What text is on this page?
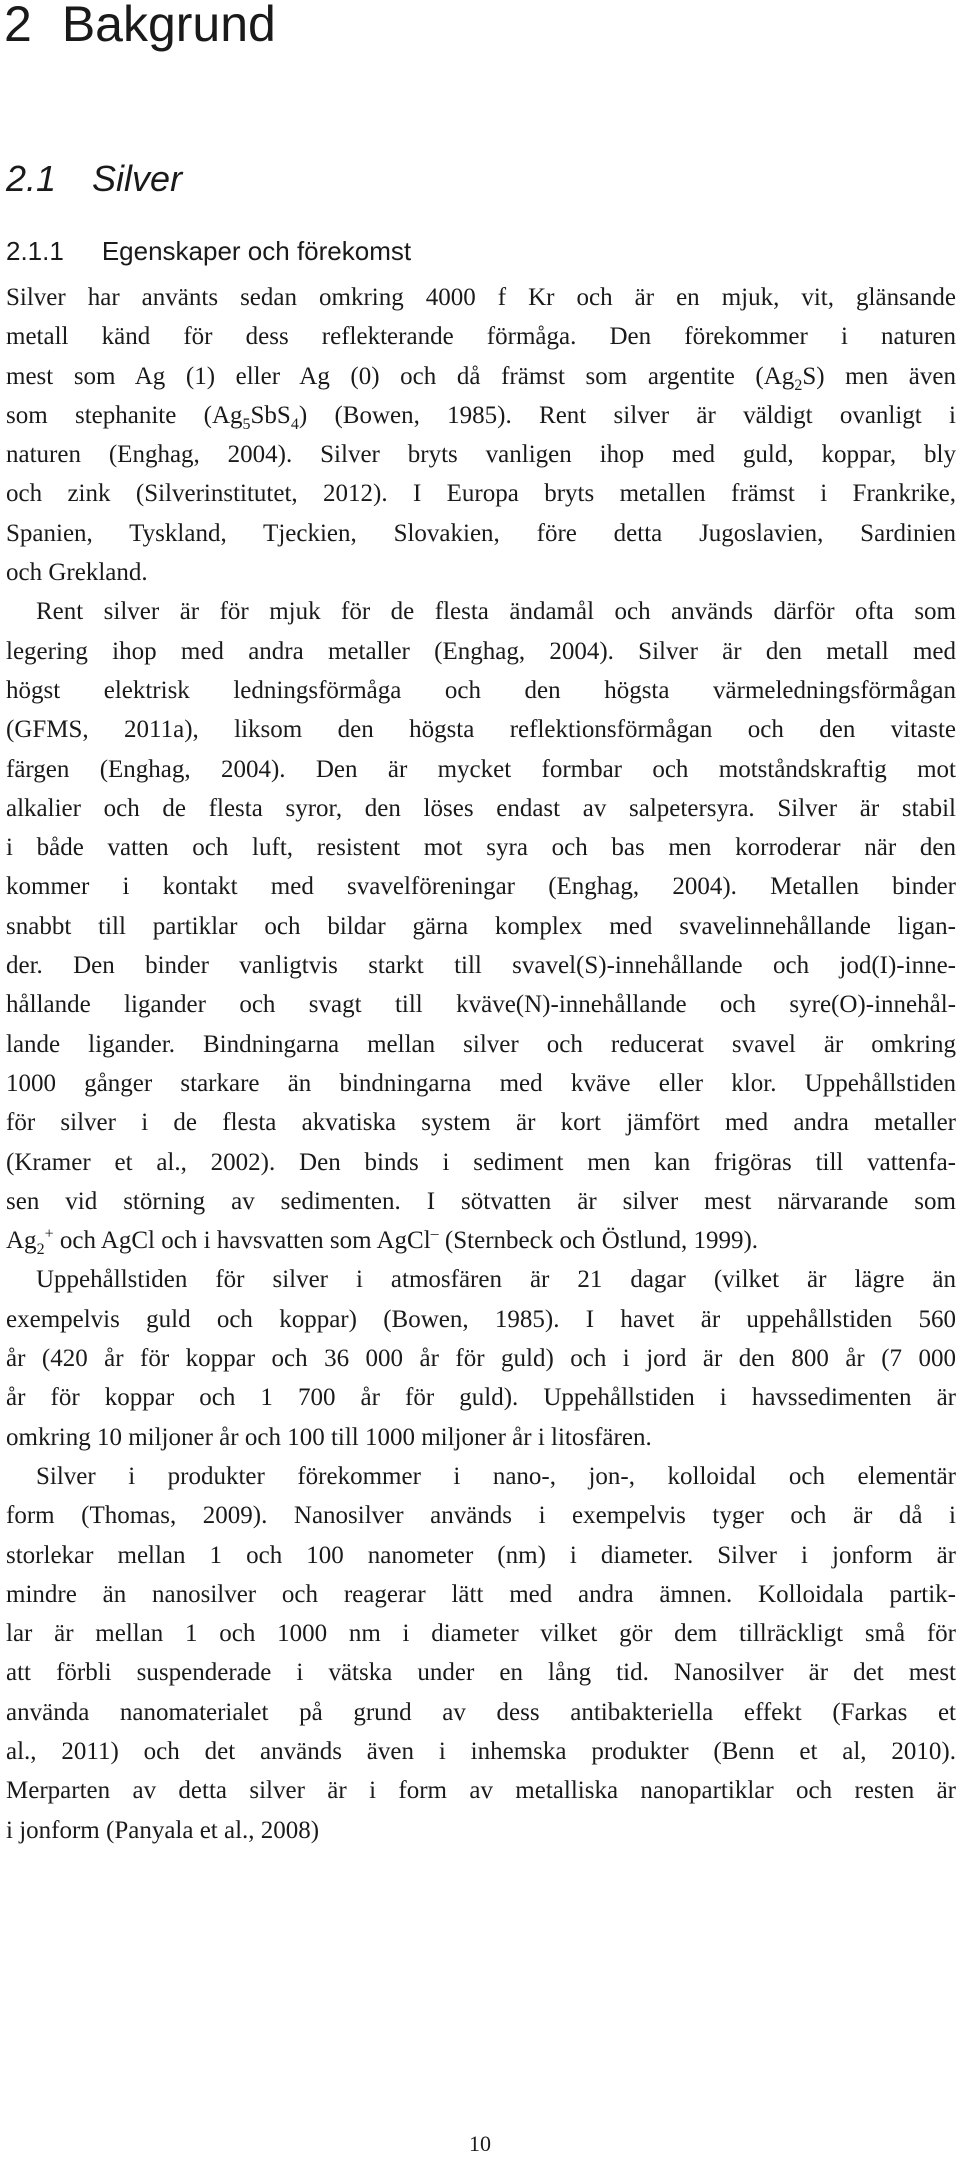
2 Bakgrund
2.1 Silver
2.1.1 Egenskaper och förekomst
Silver har använts sedan omkring 4000 f Kr och är en mjuk, vit, glänsande
metall känd för dess reflekterande förmåga. Den förekommer i naturen
mest som Ag (1) eller Ag (0) och då främst som argentite $(Ag_2S)$ men även
som stephanite $(Ag_5SbS_4)$ (Bowen, 1985). Rent silver är väldigt ovanligt i
naturen (Enghag, 2004). Silver bryts vanligen ihop med guld, koppar, bly
och zink (Silverinstitutet, 2012). I Europa bryts metallen främst i Frankrike,
Spanien, Tyskland, Tjeckien, Slovakien, före detta Jugoslavien, Sardinien
och Grekland.
Rent silver är för mjuk för de flesta ändamål och används därför ofta som
legering ihop med andra metaller (Enghag, 2004). Silver är den metall med
högst elektrisk ledningsförmåga och den högsta värmeledningsförmågan
(GFMS, 2011a), liksom den högsta reflektionsförmågan och den vitaste
färgen (Enghag, 2004). Den är mycket formbar och motståndskraftig mot
alkalier och de flesta syror, den löses endast av salpetersyra. Silver är stabil
i både vatten och luft, resistent mot syra och bas men korroderar när den
kommer i kontakt med svavelföreningar (Enghag, 2004). Metallen binder
snabbt till partiklar och bildar gärna komplex med svavelinnehållande ligan-
der. Den binder vanligtvis starkt till svavel(S)-innehållande och jod(I)-inne-
hållande ligander och svagt till kväve(N)-innehållande och syre(O)-innehål-
lande ligander. Bindningarna mellan silver och reducerat svavel är omkring
1000 gånger starkare än bindningarna med kväve eller klor. Uppehållstiden
för silver i de flesta akvatiska system är kort jämfört med andra metaller
(Kramer et al., 2002). Den binds i sediment men kan frigöras till vattenfa-
sen vid störning av sedimenten. I sötvatten är silver mest närvarande som
$Ag_2^+$ och AgCl och i havsvatten som AgCl– (Sternbeck och Östlund, 1999).
Uppehållstiden för silver i atmosfären är 21 dagar (vilket är lägre än
exempelvis guld och koppar) (Bowen, 1985). I havet är uppehållstiden 560
år (420 år för koppar och 36 000 år för guld) och i jord är den 800 år (7 000
år för koppar och 1 700 år för guld). Uppehållstiden i havssedimenten är
omkring 10 miljoner år och 100 till 1000 miljoner år i litosfären.
Silver i produkter förekommer i nano-, jon-, kolloidal och elementär
form (Thomas, 2009). Nanosilver används i exempelvis tyger och är då i
storlekar mellan 1 och 100 nanometer (nm) i diameter. Silver i jonform är
mindre än nanosilver och reagerar lätt med andra ämnen. Kolloidala partik-
lar är mellan 1 och 1000 nm i diameter vilket gör dem tillräckligt små för
att förbli suspenderade i vätska under en lång tid. Nanosilver är det mest
använda nanomaterialet på grund av dess antibakteriella effekt (Farkas et
al., 2011) och det används även i inhemska produkter (Benn et al, 2010).
Merparten av detta silver är i form av metalliska nanopartiklar och resten är
i jonform (Panyala et al., 2008)
10
